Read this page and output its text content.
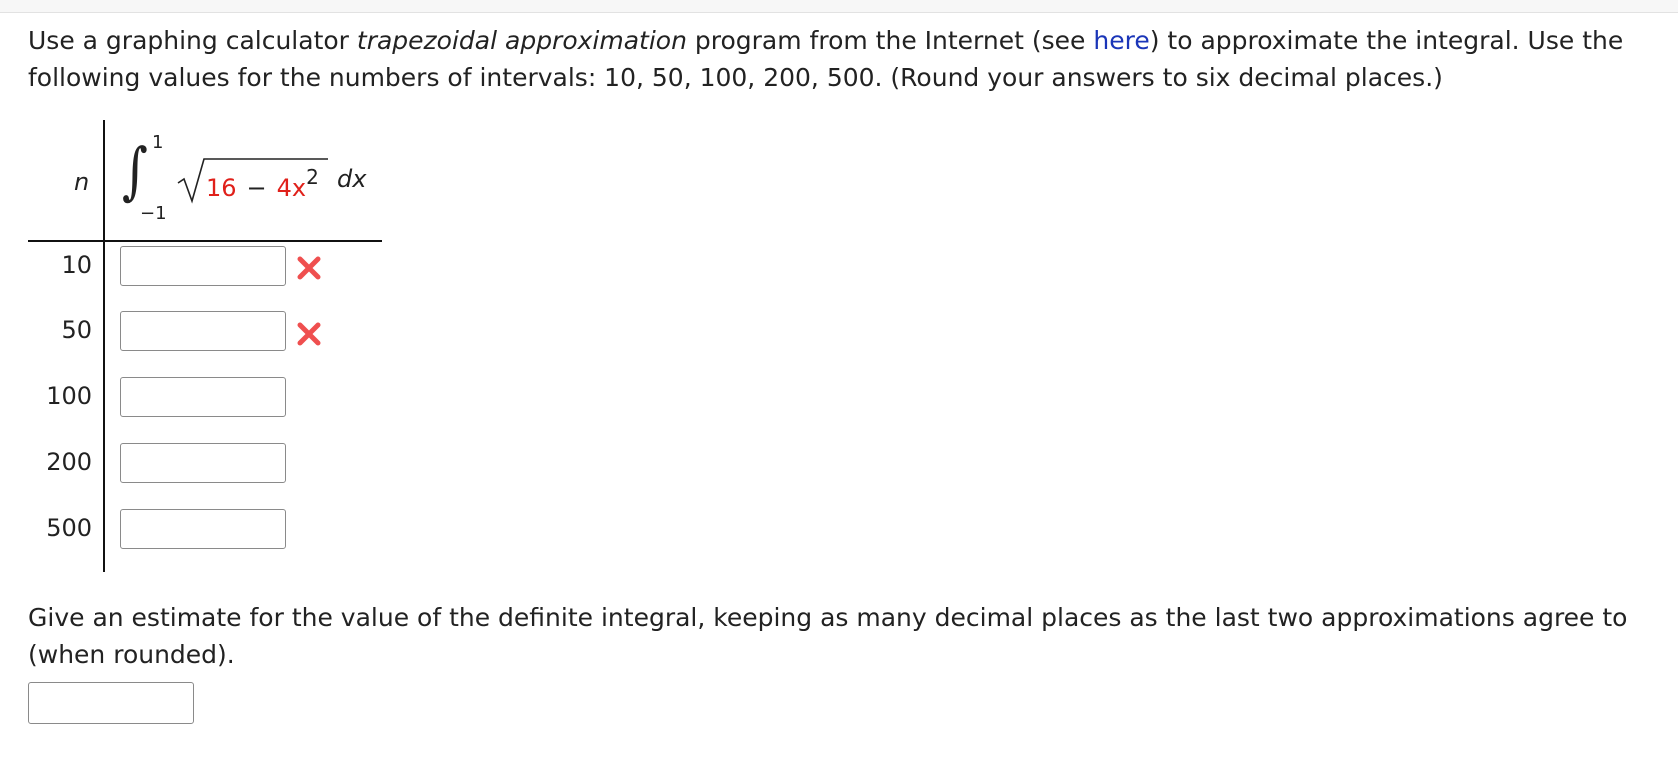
Use a graphing calculator trapezoidal approximation program from the Internet (see here) to approximate the integral. Use the following values for the numbers of intervals: 10, 50, 100, 200, 500. (Round your answers to six decimal places.)
n ∫ 1
−1
$16 - 4x^2$ dx
10
50
100
200
500
Give an estimate for the value of the definite integral, keeping as many decimal places as the last two approximations agree to (when rounded).
